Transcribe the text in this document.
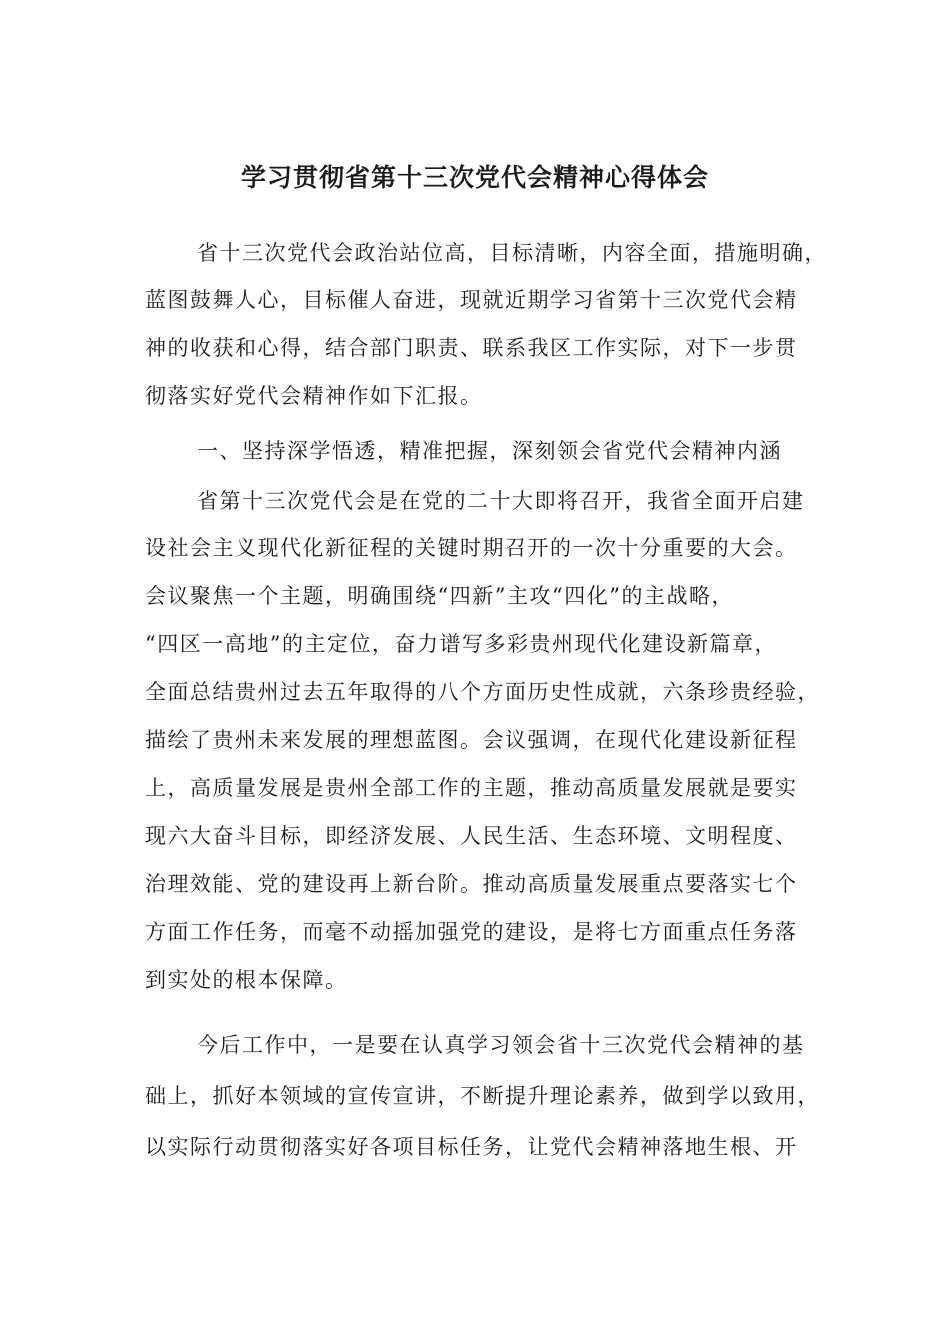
学习贯彻省第十三次党代会精神心得体会
省十三次党代会政治站位高，目标清晰，内容全面，措施明确，
蓝图鼓舞人心，目标催人奋进，现就近期学习省第十三次党代会精
神的收获和心得，结合部门职责、联系我区工作实际，对下一步贯
彻落实好党代会精神作如下汇报。
一、坚持深学悟透，精准把握，深刻领会省党代会精神内涵
省第十三次党代会是在党的二十大即将召开，我省全面开启建
设社会主义现代化新征程的关键时期召开的一次十分重要的大会。
会议聚焦一个主题，明确围绕“四新”主攻“四化”的主战略，
“四区一高地”的主定位，奋力谱写多彩贵州现代化建设新篇章，
全面总结贵州过去五年取得的八个方面历史性成就，六条珍贵经验，
描绘了贵州未来发展的理想蓝图。会议强调，在现代化建设新征程
上，高质量发展是贵州全部工作的主题，推动高质量发展就是要实
现六大奋斗目标，即经济发展、人民生活、生态环境、文明程度、
治理效能、党的建设再上新台阶。推动高质量发展重点要落实七个
方面工作任务，而毫不动摇加强党的建设，是将七方面重点任务落
到实处的根本保障。
今后工作中，一是要在认真学习领会省十三次党代会精神的基
础上，抓好本领域的宣传宣讲，不断提升理论素养，做到学以致用，
以实际行动贯彻落实好各项目标任务，让党代会精神落地生根、开
